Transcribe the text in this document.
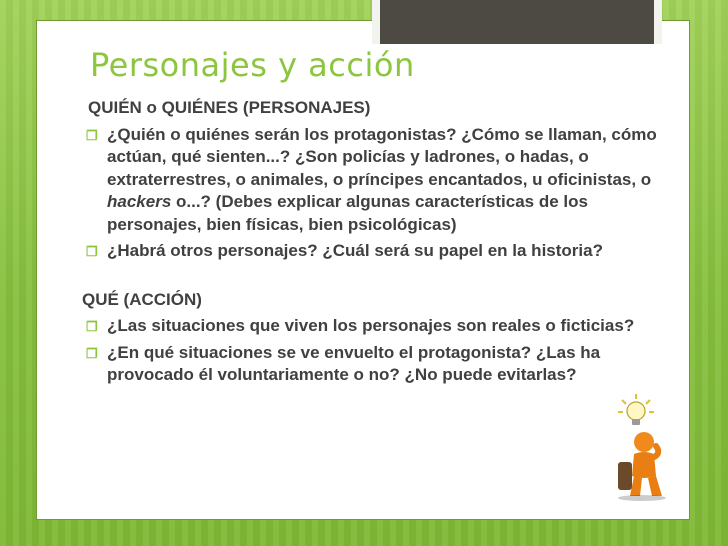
Personajes y acción

QUIÉN o QUIÉNES (PERSONAJES)

❐ ¿Quién o quiénes serán los protagonistas? ¿Cómo se llaman, cómo actúan, qué sienten...? ¿Son policías y ladrones, o hadas, o extraterrestres, o animales, o príncipes encantados, u oficinistas, o hackers o...? (Debes explicar algunas características de los personajes, bien físicas, bien psicológicas)
❐ ¿Habrá otros personajes? ¿Cuál será su papel en la historia?

QUÉ (ACCIÓN)

❐ ¿Las situaciones que viven los personajes son reales o ficticias?
❐ ¿En qué situaciones se ve envuelto el protagonista? ¿Las ha provocado él voluntariamente o no? ¿No puede evitarlas?
